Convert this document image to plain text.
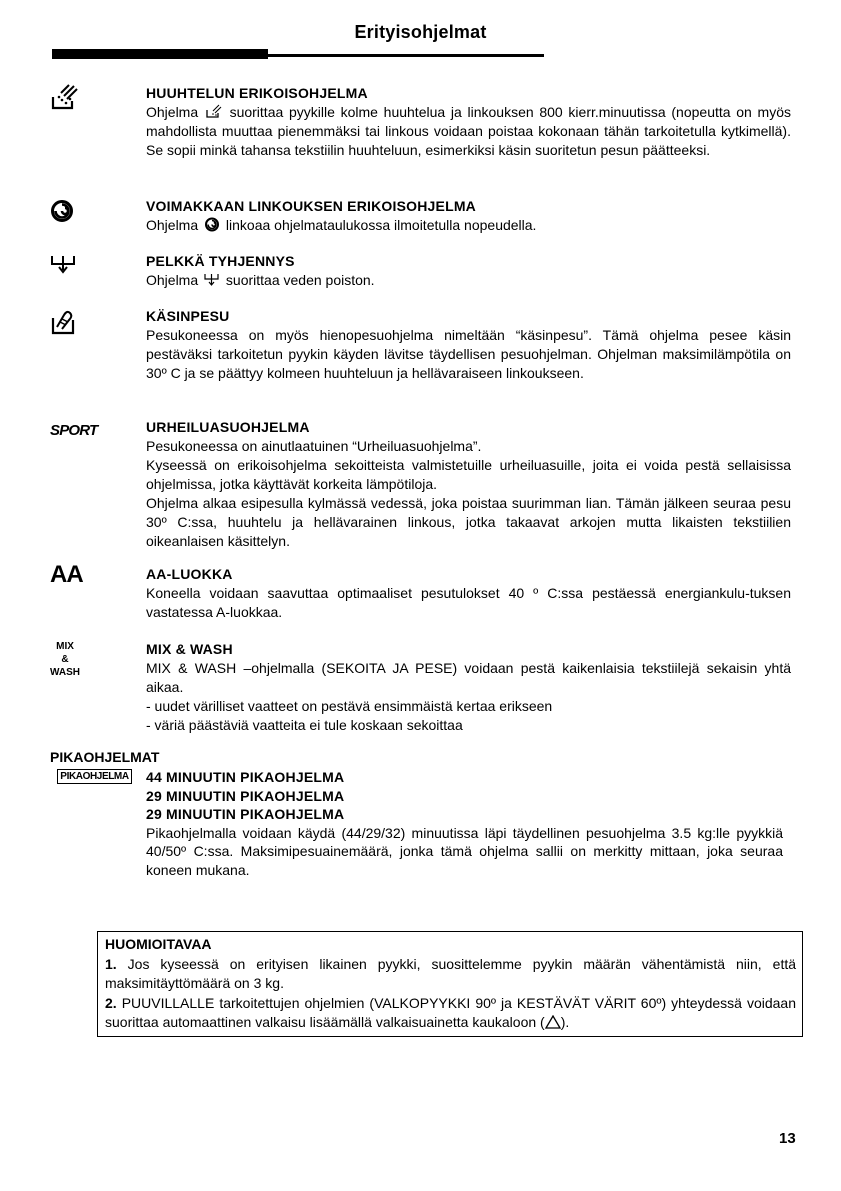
Erityisohjelmat
HUUHTELUN ERIKOISOHJELMA

Ohjelma  suorittaa pyykille kolme huuhtelua ja linkouksen 800 kierr.minuutissa (nopeutta on myös mahdollista muuttaa pienemmäksi tai linkous voidaan poistaa kokonaan tähän tarkoitetulla kytkimellä). Se sopii minkä tahansa tekstiilin huuhteluun, esimerkiksi käsin suoritetun pesun päätteeksi.

VOIMAKKAAN LINKOUKSEN ERIKOISOHJELMA

Ohjelma  linkoaa ohjelmataulukossa ilmoitetulla nopeudella.

PELKKÄ TYHJENNYS

Ohjelma  suorittaa veden poiston.

KÄSINPESU

Pesukoneessa on myös hienopesuohjelma nimeltään “käsinpesu”. Tämä ohjelma pesee käsin pestäväksi tarkoitetun pyykin käyden lävitse täydellisen pesuohjelman. Ohjelman maksimilämpötila on 30º C ja se päättyy kolmeen huuhteluun ja hellävaraiseen linkoukseen.

SPORT	URHEILUASUOHJELMA

Pesukoneessa on ainutlaatuinen “Urheiluasuohjelma”.

Kyseessä on erikoisohjelma sekoitteista valmistetuille urheiluasuille, joita ei voida pestä sellaisissa ohjelmissa, jotka käyttävät korkeita lämpötiloja.

Ohjelma alkaa esipesulla kylmässä vedessä, joka poistaa suurimman lian. Tämän jälkeen seuraa pesu 30º C:ssa, huuhtelu ja hellävarainen linkous, jotka takaavat arkojen mutta likaisten tekstiilien oikeanlaisen käsittelyn.

AA	AA-LUOKKA

Koneella voidaan saavuttaa optimaaliset pesutulokset 40 º C:ssa pestäessä energiankulu-tuksen vastatessa A-luokkaa.

MIX
&
WASH
MIX & WASH

MIX & WASH –ohjelmalla (SEKOITA JA PESE) voidaan pestä kaikenlaisia tekstiilejä sekaisin yhtä aikaa.

- uudet värilliset vaatteet on pestävä ensimmäistä kertaa erikseen

- väriä päästäviä vaatteita ei tule koskaan sekoittaa

PIKAOHJELMAT
PIKAOHJELMA 44 MINUUTIN PIKAOHJELMA
29 MINUUTIN PIKAOHJELMA
29 MINUUTIN PIKAOHJELMA

Pikaohjelmalla voidaan käydä (44/29/32) minuutissa läpi täydellinen pesuohjelma 3.5 kg:lle pyykkiä 40/50º C:ssa. Maksimipesuainemäärä, jonka tämä ohjelma sallii on merkitty mittaan, joka seuraa koneen mukana.

HUOMIOITAVAA

1. Jos kyseessä on erityisen likainen pyykki, suosittelemme pyykin määrän vähentämistä niin, että maksimitäyttömäärä on 3 kg.

2. PUUVILLALLE tarkoitettujen ohjelmien (VALKOPYYKKI 90º ja KESTÄVÄT VÄRIT 60º) yhteydessä voidaan suorittaa automaattinen valkaisu lisäämällä valkaisuainetta kaukaloon ( ).

13
